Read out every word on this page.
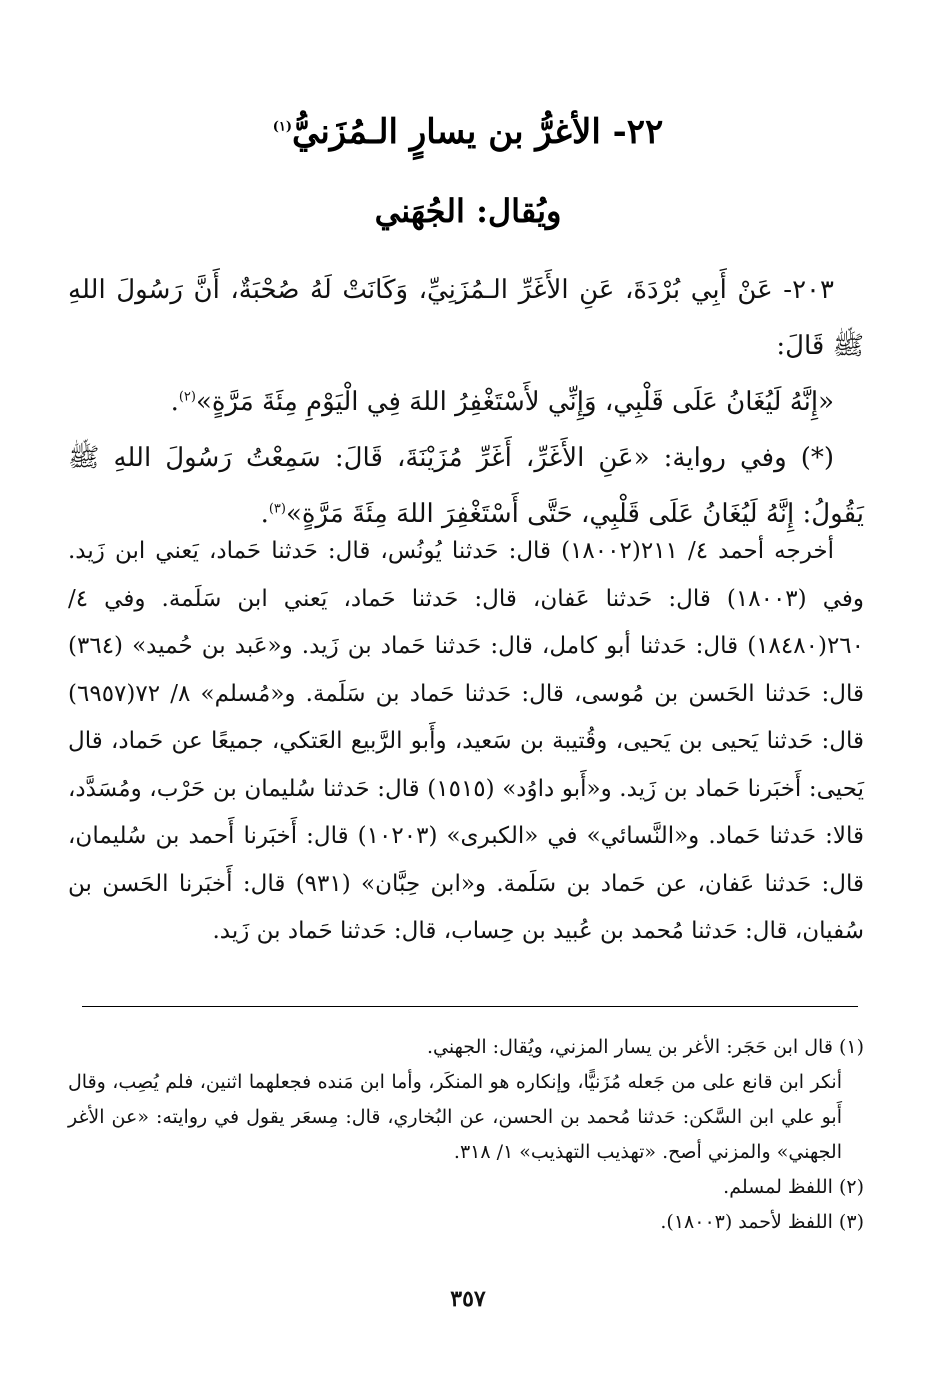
٢٢- الأغرُّ بن يسارٍ الـمُزَنيُّ$^{(١)}$
ويُقال: الجُهَني

٢٠٣- عَنْ أَبِي بُرْدَةَ، عَنِ الأَغَرِّ الـمُزَنِيِّ، وَكَانَتْ لَهُ صُحْبَةٌ، أَنَّ رَسُولَ اللهِ ﷺ قَالَ:

«إِنَّهُ لَيُغَانُ عَلَى قَلْبِي، وَإِنِّي لأَسْتَغْفِرُ اللهَ فِي الْيَوْمِ مِئَةَ مَرَّةٍ»$^{(٢)}$.

(*) وفي رواية: «عَنِ الأَغَرِّ، أَغَرِّ مُزَيْنَةَ، قَالَ: سَمِعْتُ رَسُولَ اللهِ ﷺ يَقُولُ: إِنَّهُ لَيُغَانُ عَلَى قَلْبِي، حَتَّى أَسْتَغْفِرَ اللهَ مِئَةَ مَرَّةٍ»$^{(٣)}$.

أخرجه أحمد ٤/ ٢١١(١٨٠٠٢) قال: حَدثنا يُونُس، قال: حَدثنا حَماد، يَعني ابن زَيد. وفي (١٨٠٠٣) قال: حَدثنا عَفان، قال: حَدثنا حَماد، يَعني ابن سَلَمة. وفي ٤/ ٢٦٠(١٨٤٨٠) قال: حَدثنا أبو كامل، قال: حَدثنا حَماد بن زَيد. و«عَبد بن حُميد» (٣٦٤) قال: حَدثنا الحَسن بن مُوسى، قال: حَدثنا حَماد بن سَلَمة. و«مُسلم» ٨/ ٧٢(٦٩٥٧) قال: حَدثنا يَحيى بن يَحيى، وقُتيبة بن سَعيد، وأَبو الرَّبيع العَتكي، جميعًا عن حَماد، قال يَحيى: أَخبَرنا حَماد بن زَيد. و«أَبو داوُد» (١٥١٥) قال: حَدثنا سُليمان بن حَرْب، ومُسَدَّد، قالا: حَدثنا حَماد. و«النَّسائي» في «الكبرى» (١٠٢٠٣) قال: أَخبَرنا أَحمد بن سُليمان، قال: حَدثنا عَفان، عن حَماد بن سَلَمة. و«ابن حِبَّان» (٩٣١) قال: أَخبَرنا الحَسن بن سُفيان، قال: حَدثنا مُحمد بن عُبيد بن حِساب، قال: حَدثنا حَماد بن زَيد.

(١) قال ابن حَجَر: الأغر بن يسار المزني، ويُقال: الجهني.

أنكر ابن قانع على من جَعله مُزَنيًّا، وإنكاره هو المنكَر، وأما ابن مَنده فجعلهما اثنين، فلم يُصِب، وقال أَبو علي ابن السَّكن: حَدثنا مُحمد بن الحسن، عن البُخاري، قال: مِسعَر يقول في روايته: «عن الأغر الجهني» والمزني أصح. «تهذيب التهذيب» ١/ ٣١٨.

(٢) اللفظ لمسلم.

(٣) اللفظ لأحمد (١٨٠٠٣).

٣٥٧
